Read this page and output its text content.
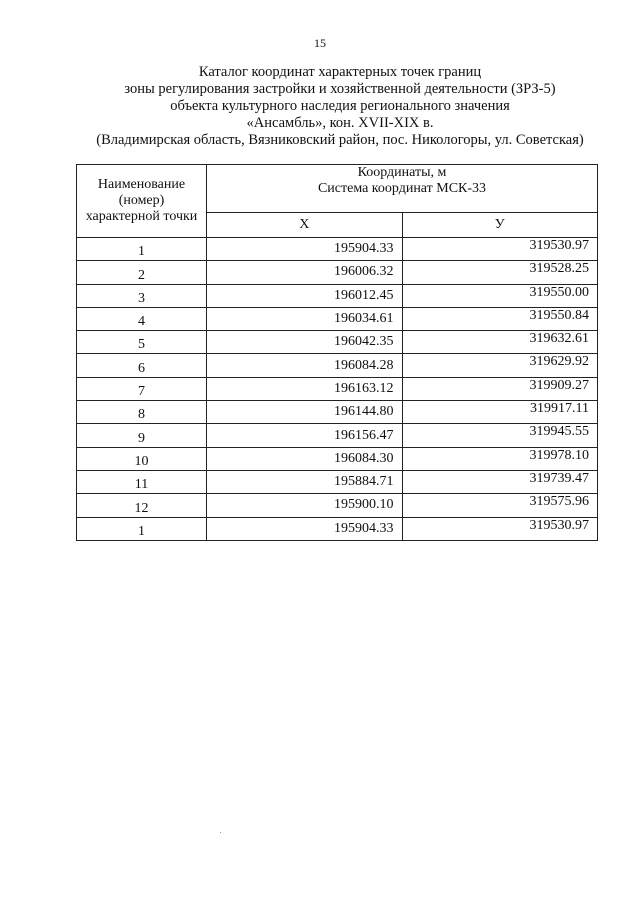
15
Каталог координат характерных точек границ
зоны регулирования застройки и хозяйственной деятельности (ЗРЗ-5)
объекта культурного наследия регионального значения
«Ансамбль», кон. XVII-XIX в.
(Владимирская область, Вязниковский район, пос. Никологоры, ул. Советская)
Наименование (номер) характерной точки	Координаты, м
Система координат МСК-33	

	X	У
1	195904.33	319530.97
2	196006.32	319528.25
3	196012.45	319550.00
4	196034.61	319550.84
5	196042.35	319632.61
6	196084.28	319629.92
7	196163.12	319909.27
8	196144.80	319917.11
9	196156.47	319945.55
10	196084.30	319978.10
11	195884.71	319739.47
12	195900.10	319575.96
1	195904.33	319530.97
